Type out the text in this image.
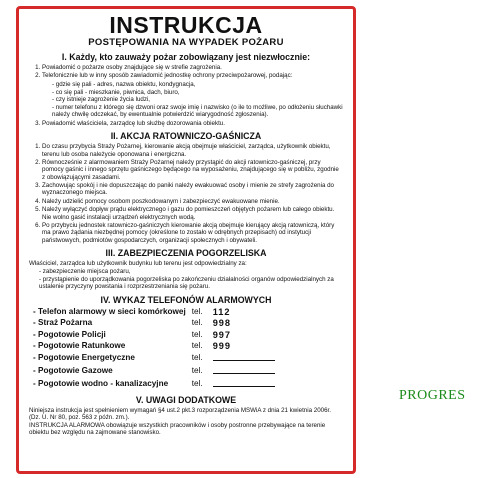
INSTRUKCJA
POSTĘPOWANIA NA WYPADEK POŻARU
I. Każdy, kto zauważy pożar zobowiązany jest niezwłocznie:
1. Powiadomić o pożarze osoby znajdujące się w strefie zagrożenia.
2. Telefonicznie lub w inny sposób zawiadomić jednostkę ochrony przeciwpożarowej, podając:
- gdzie się pali - adres, nazwa obiektu, kondygnacja,
- co się pali - mieszkanie, piwnica, dach, biuro,
- czy istnieje zagrożenie życia ludzi,
- numer telefonu z którego się dzwoni oraz swoje imię i nazwisko (o ile to możliwe, po odłożeniu słuchawki należy chwilę odczekać, by ewentualnie potwierdzić wiarygodność zgłoszenia).
3. Powiadomić właściciela, zarządcę lub służbę dozorowania obiektu.
II. AKCJA RATOWNICZO-GAŚNICZA
1. Do czasu przybycia Straży Pożarnej, kierowanie akcją obejmuje właściciel, zarządca, użytkownik obiektu, terenu lub osoba należycie oponowana i energiczna.
2. Równocześnie z alarmowaniem Straży Pożarnej należy przystąpić do akcji ratowniczo-gaśniczej, przy pomocy gaśnic i innego sprzętu gaśniczego będącego na wyposażeniu, znajdującego się w pobliżu, zgodnie z obowiązującymi zasadami.
3. Zachowując spokój i nie dopuszczając do paniki należy ewakuować osoby i mienie ze strefy zagrożenia do wyznaczonego miejsca.
4. Należy udzielić pomocy osobom poszkodowanym i zabezpieczyć ewakuowane mienie.
5. Należy wyłączyć dopływ prądu elektrycznego i gazu do pomieszczeń objętych pożarem lub całego obiektu. Nie wolno gasić instalacji urządzeń elektrycznych wodą.
6. Po przybyciu jednostek ratowniczo-gaśniczych kierowanie akcją obejmuje kierujący akcją ratowniczą, który ma prawo żądania niezbędnej pomocy (określone to zostało w odrębnych przepisach) od instytucji państwowych, podmiotów gospodarczych, organizacji społecznych i obywateli.
III. ZABEZPIECZENIA POGORZELISKA

Właściciel, zarządca lub użytkownik budynku lub terenu jest odpowiedzialny za:

- zabezpieczenie miejsca pożaru,
- przystąpienie do uporządkowania pogorzeliska po zakończeniu działalności organów odpowiedzialnych za ustalenie przyczyny powstania i rozprzestrzeniania się pożaru.
IV. WYKAZ TELEFONÓW ALARMOWYCH
- Telefon alarmowy w sieci komórkowej	tel.	112
- Straż Pożarna	tel.	998
- Pogotowie Policji	tel.	997
- Pogotowie Ratunkowe	tel.	999
- Pogotowie Energetyczne	tel.	
- Pogotowie Gazowe	tel.	
- Pogotowie wodno - kanalizacyjne	tel.	
V. UWAGI DODATKOWE

Niniejsza instrukcja jest spełnieniem wymagań §4 ust.2 pkt.3 rozporządzenia MSWiA z dnia 21 kwietnia 2006r. (Dz. U. Nr 80, poz. 563 z późn. zm.).

INSTRUKCJA ALARMOWA obowiązuje wszystkich pracowników i osoby postronne przebywające na terenie obiektu bez względu na zajmowane stanowisko.

PROGRES
